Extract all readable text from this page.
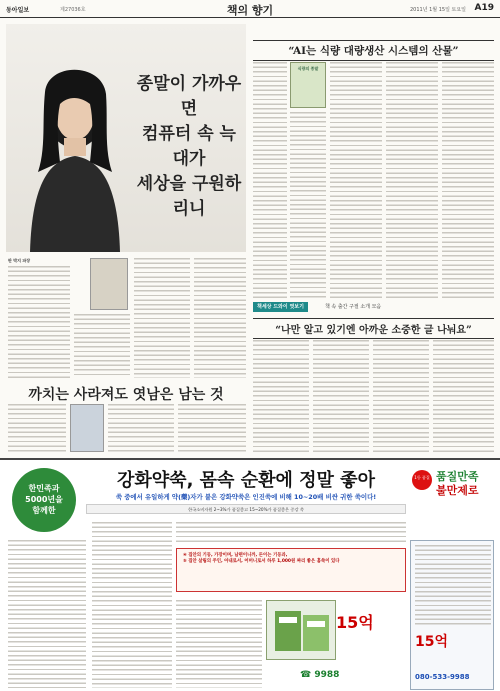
동아일보	제27036호	책의 향기	2011년 1월 15일 토요일 A19
종말이 가까우면
컴퓨터 속 늑대가
세상을 구원하리니
판 박지 파장
까치는 사라져도 엿남은 남는 것
“AI는 식량 대량생산 시스템의 산물”
식량의 종말
책세상 드와이 엿보기	책 속 출간 구절 소개 모음
“나만 알고 있기엔 아까운 소중한 글 나눠요”
한민족과
5000년을
함께한
강화약쑥, 몸속 순환에 정말 좋아
쑥 중에서 유일하게 약(藥)자가 붙은 강화약쑥은 인진쑥에 비해 10~20배 비싼 귀한 쑥이다!
한국소비자원 2~3%가 품질좋고 15~20%가 품질좋은 중강 쑥
1등 품질 품질만족
불만제로
④ 집안의 기둥, 가장이며, 남편이니까, 돈이는 기둥과,
⑤ 집안 살림의 주인, 아내로서, 어머니로서 하루 1,000원 짜리 좋은 홈쑥이 있다
15억
☎ 9988
15억
080-533-9988
